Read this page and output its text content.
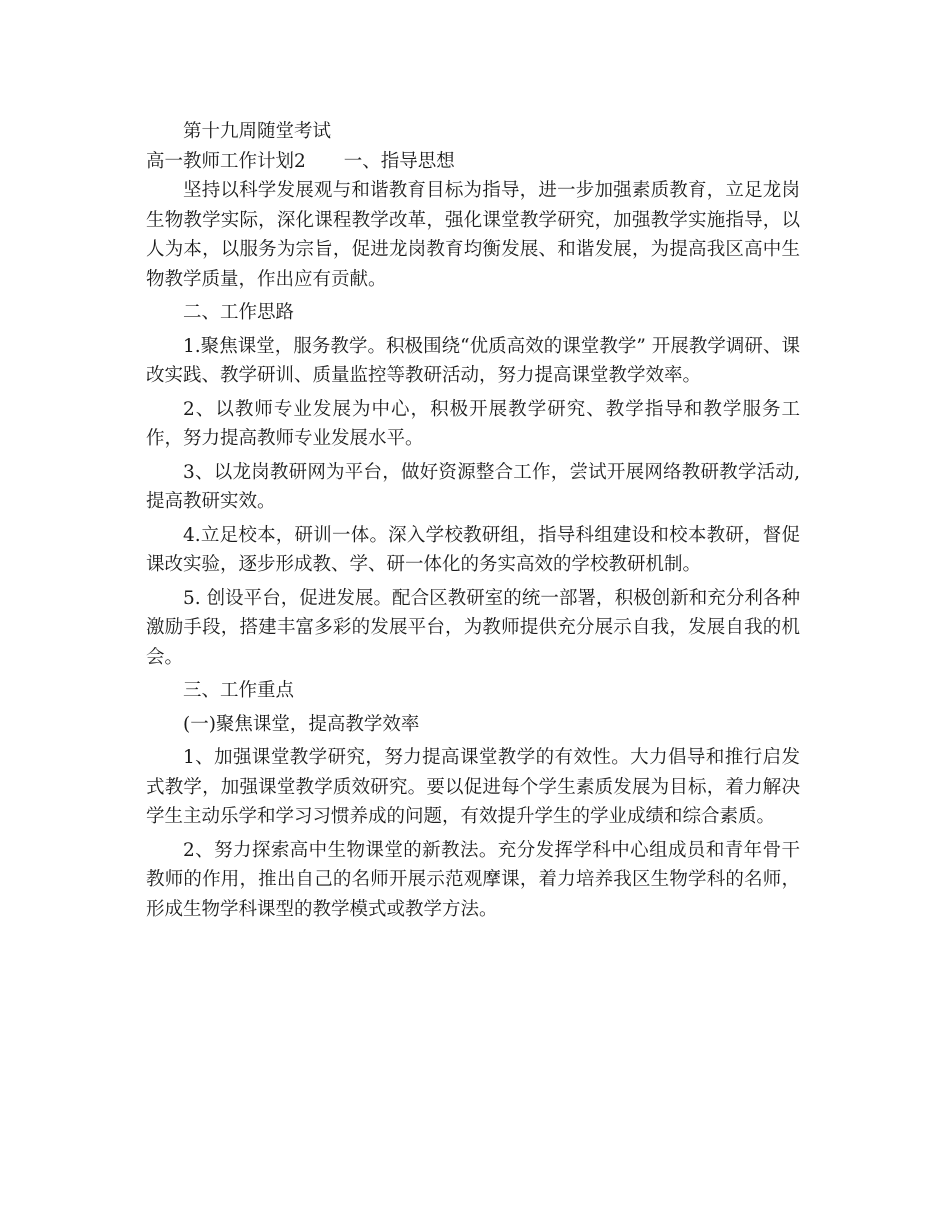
第十九周随堂考试

高一教师工作计划2 一、指导思想

坚持以科学发展观与和谐教育目标为指导，进一步加强素质教育，立足龙岗生物教学实际，深化课程教学改革，强化课堂教学研究，加强教学实施指导，以人为本，以服务为宗旨，促进龙岗教育均衡发展、和谐发展，为提高我区高中生物教学质量，作出应有贡献。

二、工作思路

1.聚焦课堂，服务教学。积极围绕“优质高效的课堂教学” 开展教学调研、课改实践、教学研训、质量监控等教研活动，努力提高课堂教学效率。

2、以教师专业发展为中心，积极开展教学研究、教学指导和教学服务工作，努力提高教师专业发展水平。

3、以龙岗教研网为平台，做好资源整合工作，尝试开展网络教研教学活动,提高教研实效。

4.立足校本，研训一体。深入学校教研组，指导科组建设和校本教研，督促课改实验，逐步形成教、学、研一体化的务实高效的学校教研机制。

5. 创设平台，促进发展。配合区教研室的统一部署，积极创新和充分利各种激励手段，搭建丰富多彩的发展平台，为教师提供充分展示自我，发展自我的机会。

三、工作重点

(一)聚焦课堂，提高教学效率

1、加强课堂教学研究，努力提高课堂教学的有效性。大力倡导和推行启发式教学，加强课堂教学质效研究。要以促进每个学生素质发展为目标，着力解决学生主动乐学和学习习惯养成的问题，有效提升学生的学业成绩和综合素质。

2、努力探索高中生物课堂的新教法。充分发挥学科中心组成员和青年骨干教师的作用，推出自己的名师开展示范观摩课，着力培养我区生物学科的名师，形成生物学科课型的教学模式或教学方法。
